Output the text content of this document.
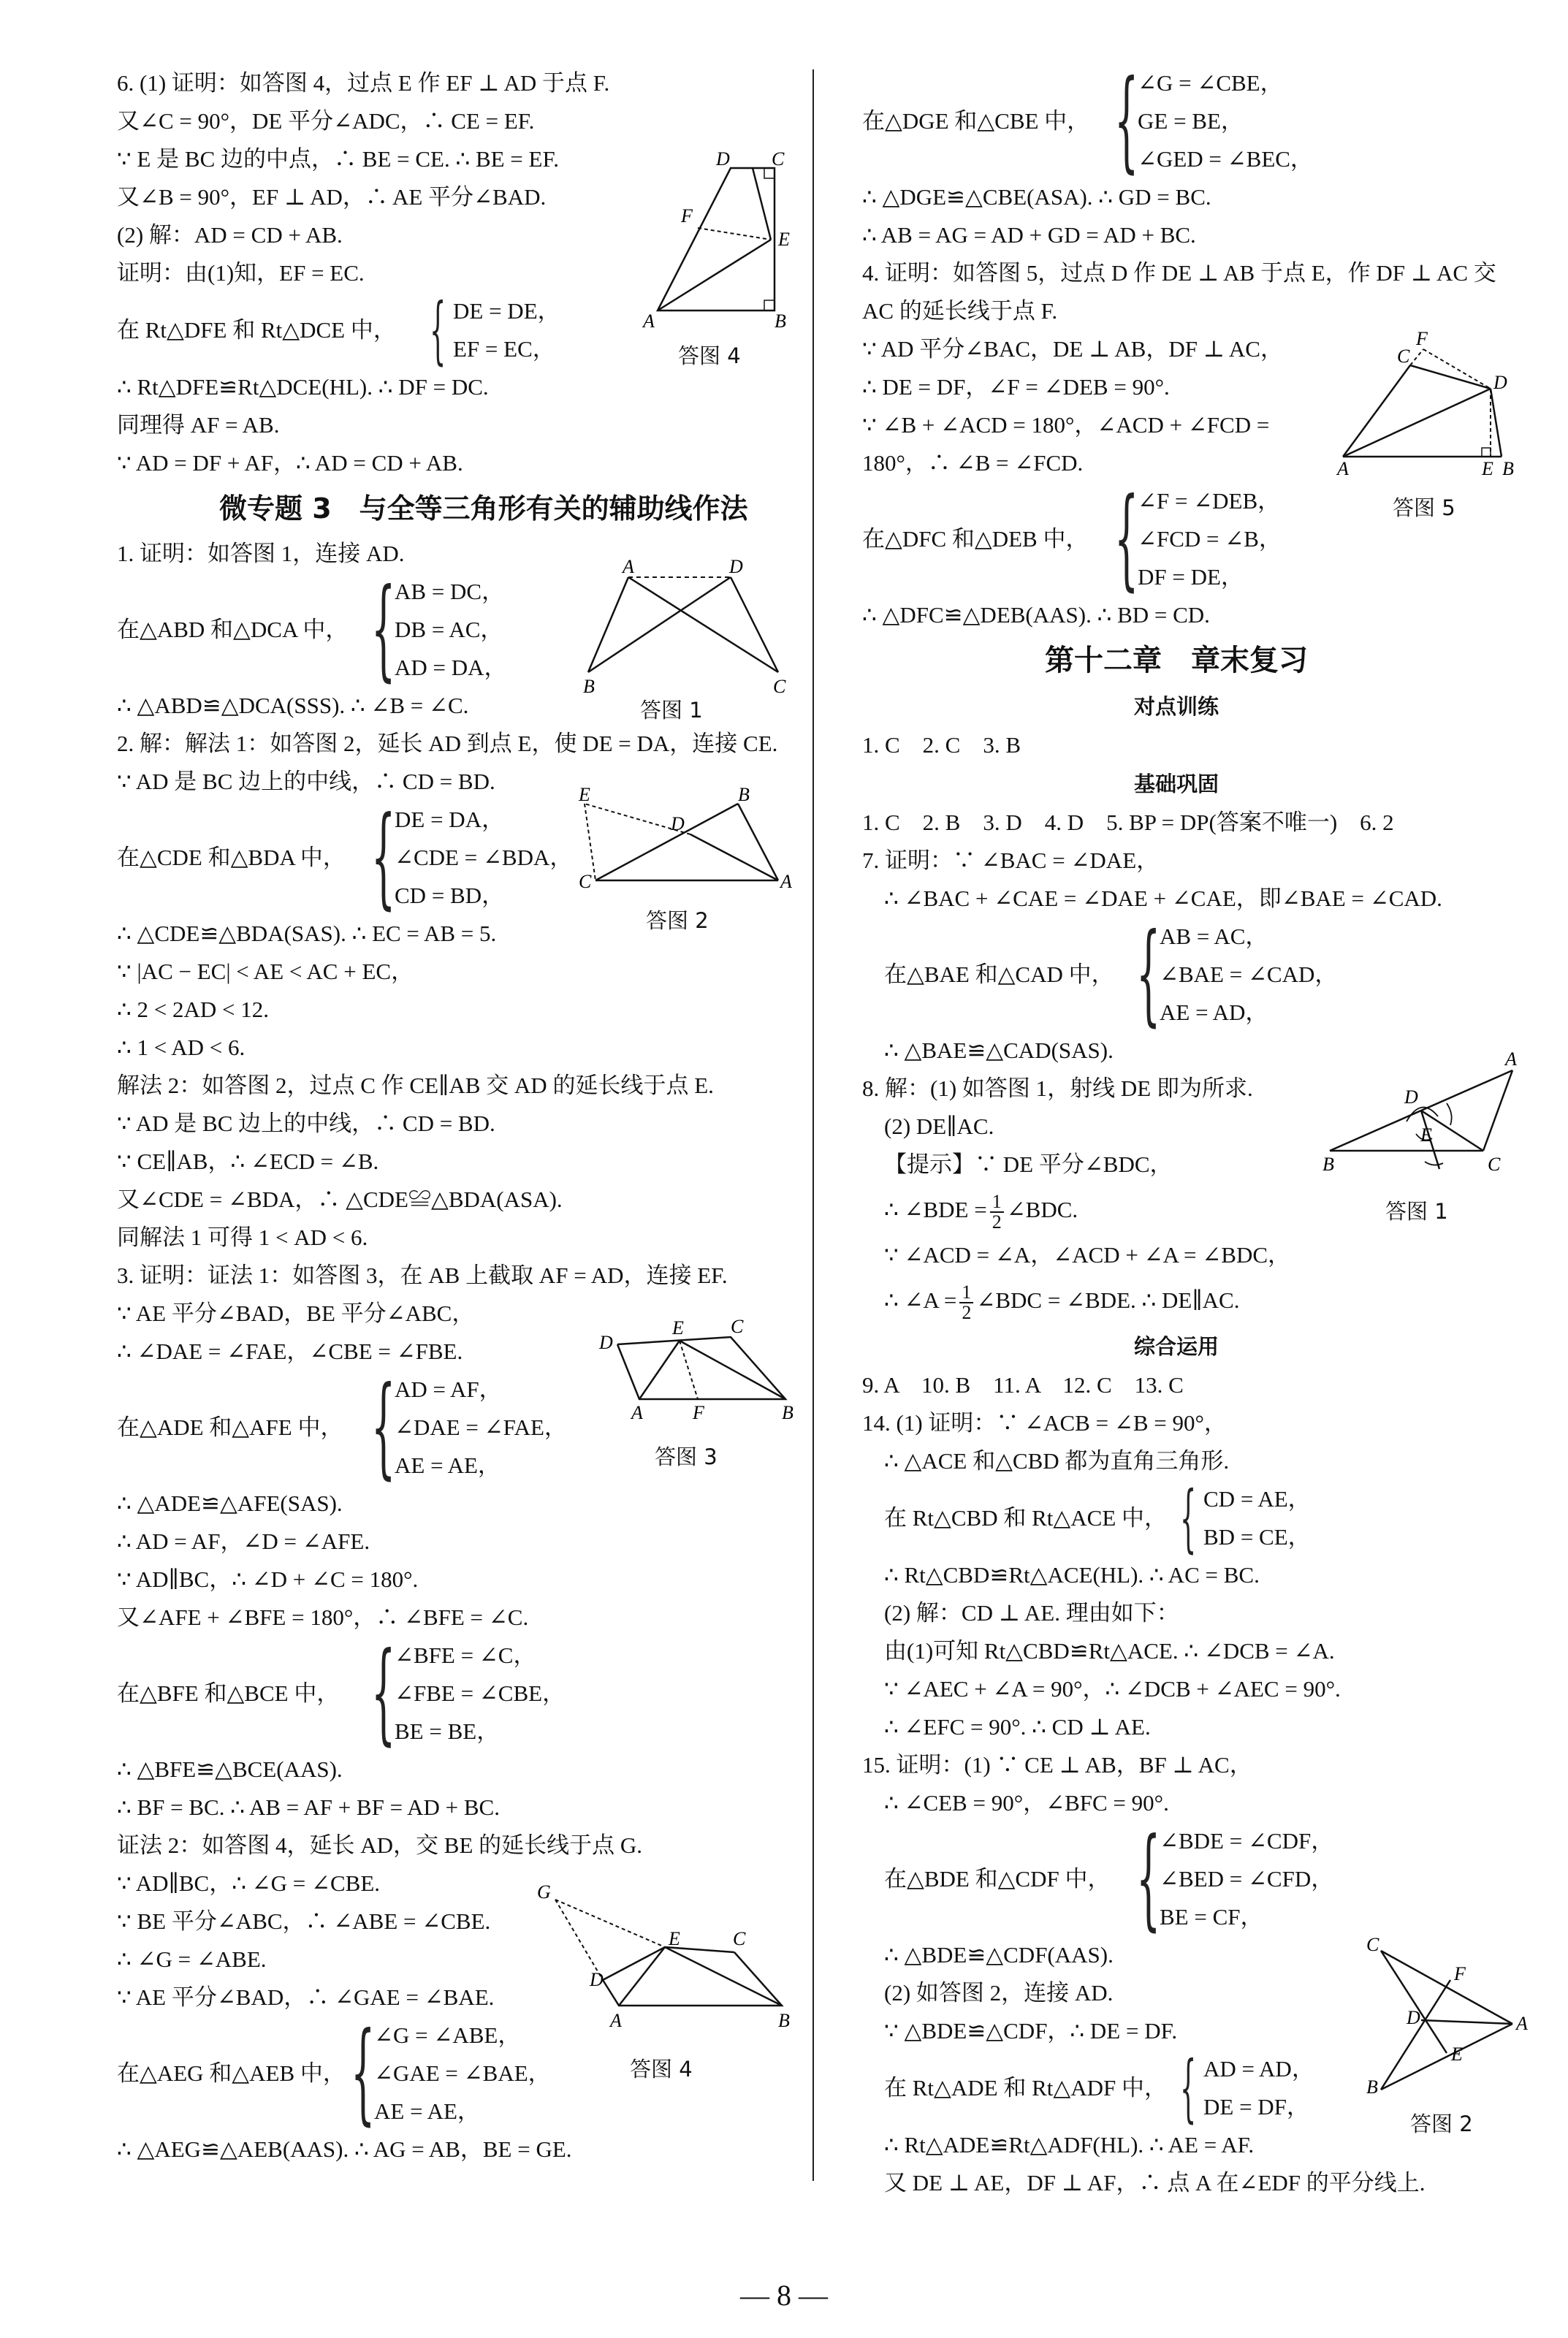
6. (1) 证明：如答图 4，过点 E 作 EF ⊥ AD 于点 F.
又∠C = 90°，DE 平分∠ADC，∴ CE = EF.
∵ E 是 BC 边的中点，∴ BE = CE. ∴ BE = EF.
又∠B = 90°，EF ⊥ AD，∴ AE 平分∠BAD.
(2) 解：AD = CD + AB.
证明：由(1)知，EF = EC.
在 Rt△DFE 和 Rt△DCE 中， { DE = DE，
EF = EC，
∴ Rt△DFE≌Rt△DCE(HL). ∴ DF = DC.
同理得 AF = AB.
∵ AD = DF + AF，∴ AD = CD + AB.
微专题 3　与全等三角形有关的辅助线作法
1. 证明：如答图 1，连接 AD.
在△ABD 和△DCA 中， {
AB = DC，
DB = AC，
AD = DA，
∴ △ABD≌△DCA(SSS). ∴ ∠B = ∠C.
2. 解：解法 1：如答图 2，延长 AD 到点 E，使 DE = DA，连接 CE.
∵ AD 是 BC 边上的中线，∴ CD = BD.
在△CDE 和△BDA 中， {
DE = DA，
∠CDE = ∠BDA，
CD = BD，
∴ △CDE≌△BDA(SAS). ∴ EC = AB = 5.
∵ |AC − EC| < AE < AC + EC，
∴ 2 < 2AD < 12.
∴ 1 < AD < 6.
解法 2：如答图 2，过点 C 作 CE∥AB 交 AD 的延长线于点 E.
∵ AD 是 BC 边上的中线，∴ CD = BD.
∵ CE∥AB，∴ ∠ECD = ∠B.
又∠CDE = ∠BDA，∴ △CDE≌△BDA(ASA).
同解法 1 可得 1 < AD < 6.
3. 证明：证法 1：如答图 3，在 AB 上截取 AF = AD，连接 EF.
∵ AE 平分∠BAD，BE 平分∠ABC，
∴ ∠DAE = ∠FAE，∠CBE = ∠FBE.
在△ADE 和△AFE 中， {
AD = AF，
∠DAE = ∠FAE，
AE = AE，
∴ △ADE≌△AFE(SAS).
∴ AD = AF，∠D = ∠AFE.
∵ AD∥BC，∴ ∠D + ∠C = 180°.
又∠AFE + ∠BFE = 180°，∴ ∠BFE = ∠C.
在△BFE 和△BCE 中， {
∠BFE = ∠C，
∠FBE = ∠CBE，
BE = BE，
∴ △BFE≌△BCE(AAS).
∴ BF = BC. ∴ AB = AF + BF = AD + BC.
证法 2：如答图 4，延长 AD，交 BE 的延长线于点 G.
∵ AD∥BC，∴ ∠G = ∠CBE.
∵ BE 平分∠ABC，∴ ∠ABE = ∠CBE.
∴ ∠G = ∠ABE.
∵ AE 平分∠BAD，∴ ∠GAE = ∠BAE.
在△AEG 和△AEB 中， {
∠G = ∠ABE，
∠GAE = ∠BAE，
AE = AE，
∴ △AEG≌△AEB(AAS). ∴ AG = AB，BE = GE.
D C
F
E
A	B
答图 4
A	D
B	C
答图 1
E	B
D
C	A
答图 2
D
E C
A	F	B
答图 3
G
E	C
D
A	B
答图 4
在△DGE 和△CBE 中， {
∠G = ∠CBE，
GE = BE，
∠GED = ∠BEC，
∴ △DGE≌△CBE(ASA). ∴ GD = BC.
∴ AB = AG = AD + GD = AD + BC.
4. 证明：如答图 5，过点 D 作 DE ⊥ AB 于点 E，作 DF ⊥ AC 交
AC 的延长线于点 F.
∵ AD 平分∠BAC，DE ⊥ AB，DF ⊥ AC，
∴ DE = DF，∠F = ∠DEB = 90°.
∵ ∠B + ∠ACD = 180°，∠ACD + ∠FCD =
180°，∴ ∠B = ∠FCD.
在△DFC 和△DEB 中， {
∠F = ∠DEB，
∠FCD = ∠B，
DF = DE，
∴ △DFC≌△DEB(AAS). ∴ BD = CD.
第十二章　章末复习
对点训练
1. C　2. C　3. B
基础巩固
1. C　2. B　3. D　4. D　5. BP = DP(答案不唯一)　6. 2
7. 证明：∵ ∠BAC = ∠DAE，
∴ ∠BAC + ∠CAE = ∠DAE + ∠CAE，即∠BAE = ∠CAD.
在△BAE 和△CAD 中， {
AB = AC，
∠BAE = ∠CAD，
AE = AD，
∴ △BAE≌△CAD(SAS).
8. 解：(1) 如答图 1，射线 DE 即为所求.
(2) DE∥AC.
【提示】∵ DE 平分∠BDC，
∴ ∠BDE = $\frac{1}{2}$ ∠BDC.
∵ ∠ACD = ∠A，∠ACD + ∠A = ∠BDC，
∴ ∠A = $\frac{1}{2}$ ∠BDC = ∠BDE. ∴ DE∥AC.
综合运用
9. A　10. B　11. A　12. C　13. C
14. (1) 证明：∵ ∠ACB = ∠B = 90°，
∴ △ACE 和△CBD 都为直角三角形.
在 Rt△CBD 和 Rt△ACE 中， { CD = AE，
BD = CE，
∴ Rt△CBD≌Rt△ACE(HL). ∴ AC = BC.
(2) 解：CD ⊥ AE. 理由如下：
由(1)可知 Rt△CBD≌Rt△ACE. ∴ ∠DCB = ∠A.
∵ ∠AEC + ∠A = 90°，∴ ∠DCB + ∠AEC = 90°.
∴ ∠EFC = 90°. ∴ CD ⊥ AE.
15. 证明：(1) ∵ CE ⊥ AB，BF ⊥ AC，
∴ ∠CEB = 90°，∠BFC = 90°.
在△BDE 和△CDF 中， {
∠BDE = ∠CDF，
∠BED = ∠CFD，
BE = CF，
∴ △BDE≌△CDF(AAS).
(2) 如答图 2，连接 AD.
∵ △BDE≌△CDF，∴ DE = DF.
在 Rt△ADE 和 Rt△ADF 中， { AD = AD，
DE = DF，
∴ Rt△ADE≌Rt△ADF(HL). ∴ AE = AF.
又 DE ⊥ AE，DF ⊥ AF，∴ 点 A 在∠EDF 的平分线上.
F
C
D
A	E B
答图 5
D
A
E
B	C
答图 1
C
F
D	A
E
B
答图 2
— 8 —
